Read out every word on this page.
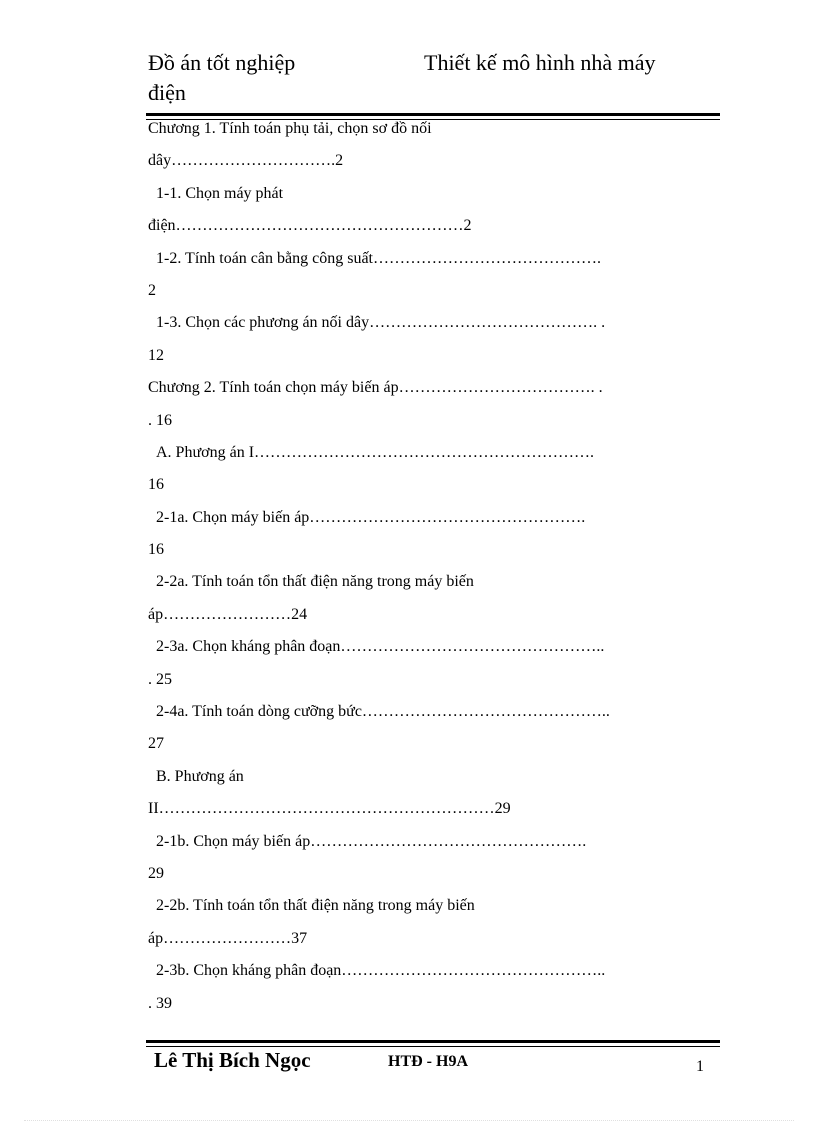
Đồ án tốt nghiệp
điện
Thiết kế mô hình nhà máy
Chương 1. Tính toán phụ tải, chọn sơ đồ nối
dây………………………….2
1-1. Chọn máy phát
điện………………………………………………2
1-2. Tính toán cân bằng công suất…………………………………….
2
1-3. Chọn các phương án nối dây……………………………………. .
12
Chương 2. Tính toán chọn máy biến áp………………………………. .
. 16
A. Phương án I……………………………………………………….
16
2-1a. Chọn máy biến áp…………………………………………….
16
2-2a. Tính toán tổn thất điện năng trong máy biến
áp……………………24
2-3a. Chọn kháng phân đoạn…………………………………………..
. 25
2-4a. Tính toán dòng cưỡng bức………………………………………..
27
B. Phương án
II………………………………………………………29
2-1b. Chọn máy biến áp…………………………………………….
29
2-2b. Tính toán tổn thất điện năng trong máy biến
áp……………………37
2-3b. Chọn kháng phân đoạn…………………………………………..
. 39
Lê Thị Bích Ngọc	HTĐ - H9A	1
